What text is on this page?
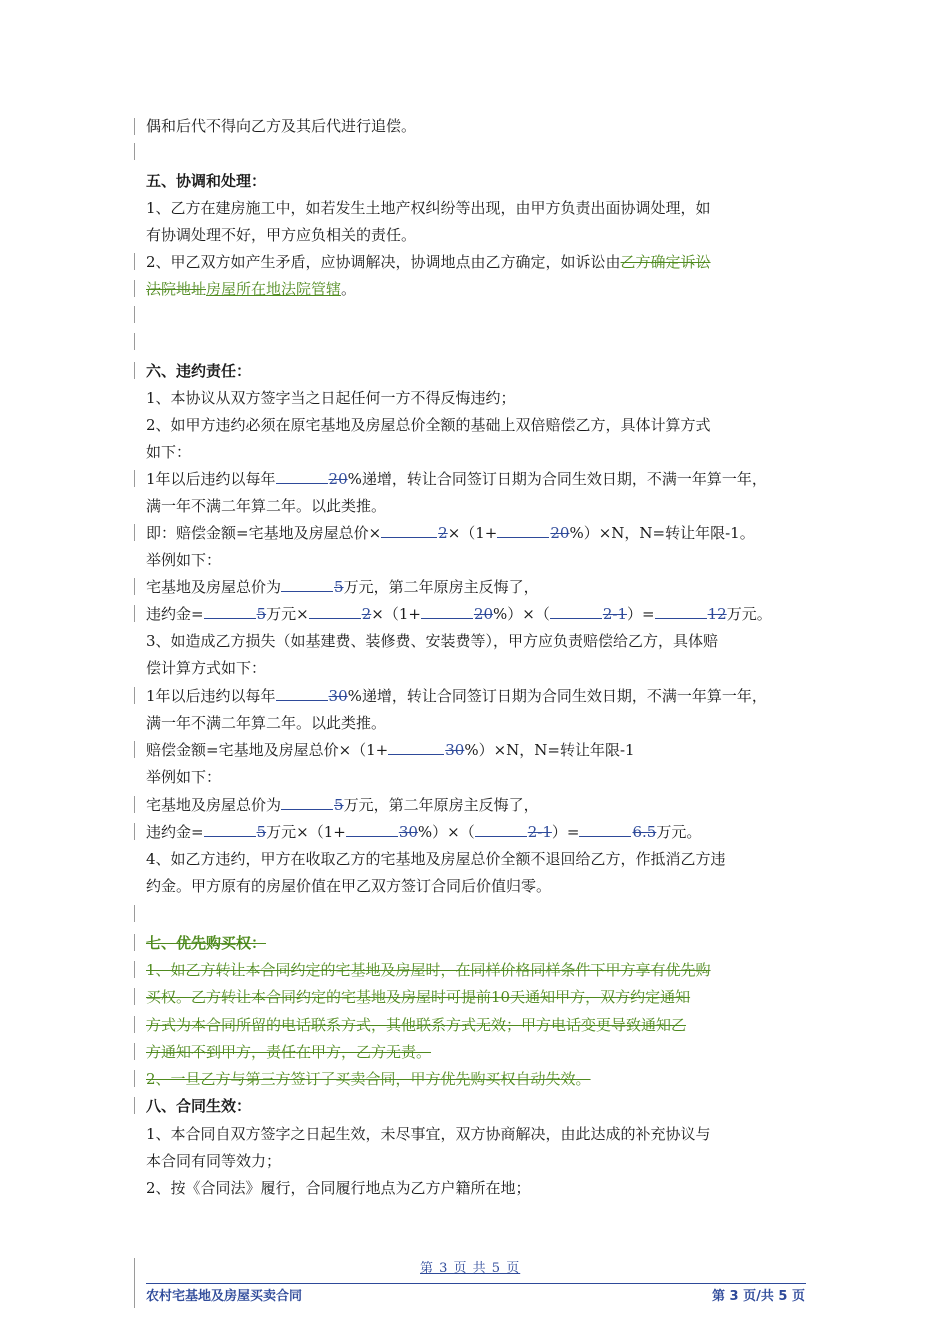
偶和后代不得向乙方及其后代进行追偿。
五、协调和处理：
1、乙方在建房施工中，如若发生土地产权纠纷等出现，由甲方负责出面协调处理，如
有协调处理不好，甲方应负相关的责任。
2、甲乙双方如产生矛盾，应协调解决，协调地点由乙方确定，如诉讼由乙方确定诉讼
法院地址房屋所在地法院管辖。
六、违约责任：
1、本协议从双方签字当之日起任何一方不得反悔违约；
2、如甲方违约必须在原宅基地及房屋总价全额的基础上双倍赔偿乙方，具体计算方式
如下：
1年以后违约以每年	20%递增，转让合同签订日期为合同生效日期，不满一年算一年，
满一年不满二年算二年。以此类推。
即：赔偿金额=宅基地及房屋总价×	2×（1+	20%）×N，N=转让年限-1。
举例如下：
宅基地及房屋总价为	5万元，第二年原房主反悔了，
违约金=	5万元×	2×（1+	20%）×（	2-1）=	12万元。
3、如造成乙方损失（如基建费、装修费、安装费等），甲方应负责赔偿给乙方，具体赔
偿计算方式如下：
1年以后违约以每年	30%递增，转让合同签订日期为合同生效日期，不满一年算一年，
满一年不满二年算二年。以此类推。
赔偿金额=宅基地及房屋总价×（1+	30%）×N，N=转让年限-1
举例如下：
宅基地及房屋总价为	5万元，第二年原房主反悔了，
违约金=	5万元×（1+	30%）×（	2-1）=	6.5万元。
4、如乙方违约，甲方在收取乙方的宅基地及房屋总价全额不退回给乙方，作抵消乙方违
约金。甲方原有的房屋价值在甲乙双方签订合同后价值归零。
七、优先购买权：
1、如乙方转让本合同约定的宅基地及房屋时，在同样价格同样条件下甲方享有优先购
买权。乙方转让本合同约定的宅基地及房屋时可提前10天通知甲方，双方约定通知
方式为本合同所留的电话联系方式，其他联系方式无效；甲方电话变更导致通知乙
方通知不到甲方，责任在甲方，乙方无责。
2、一旦乙方与第三方签订了买卖合同，甲方优先购买权自动失效。
八、合同生效：
1、本合同自双方签字之日起生效，未尽事宜，双方协商解决，由此达成的补充协议与
本合同有同等效力；
2、按《合同法》履行，合同履行地点为乙方户籍所在地；
第 3 页 共 5 页
农村宅基地及房屋买卖合同	第 3 页/共 5 页
